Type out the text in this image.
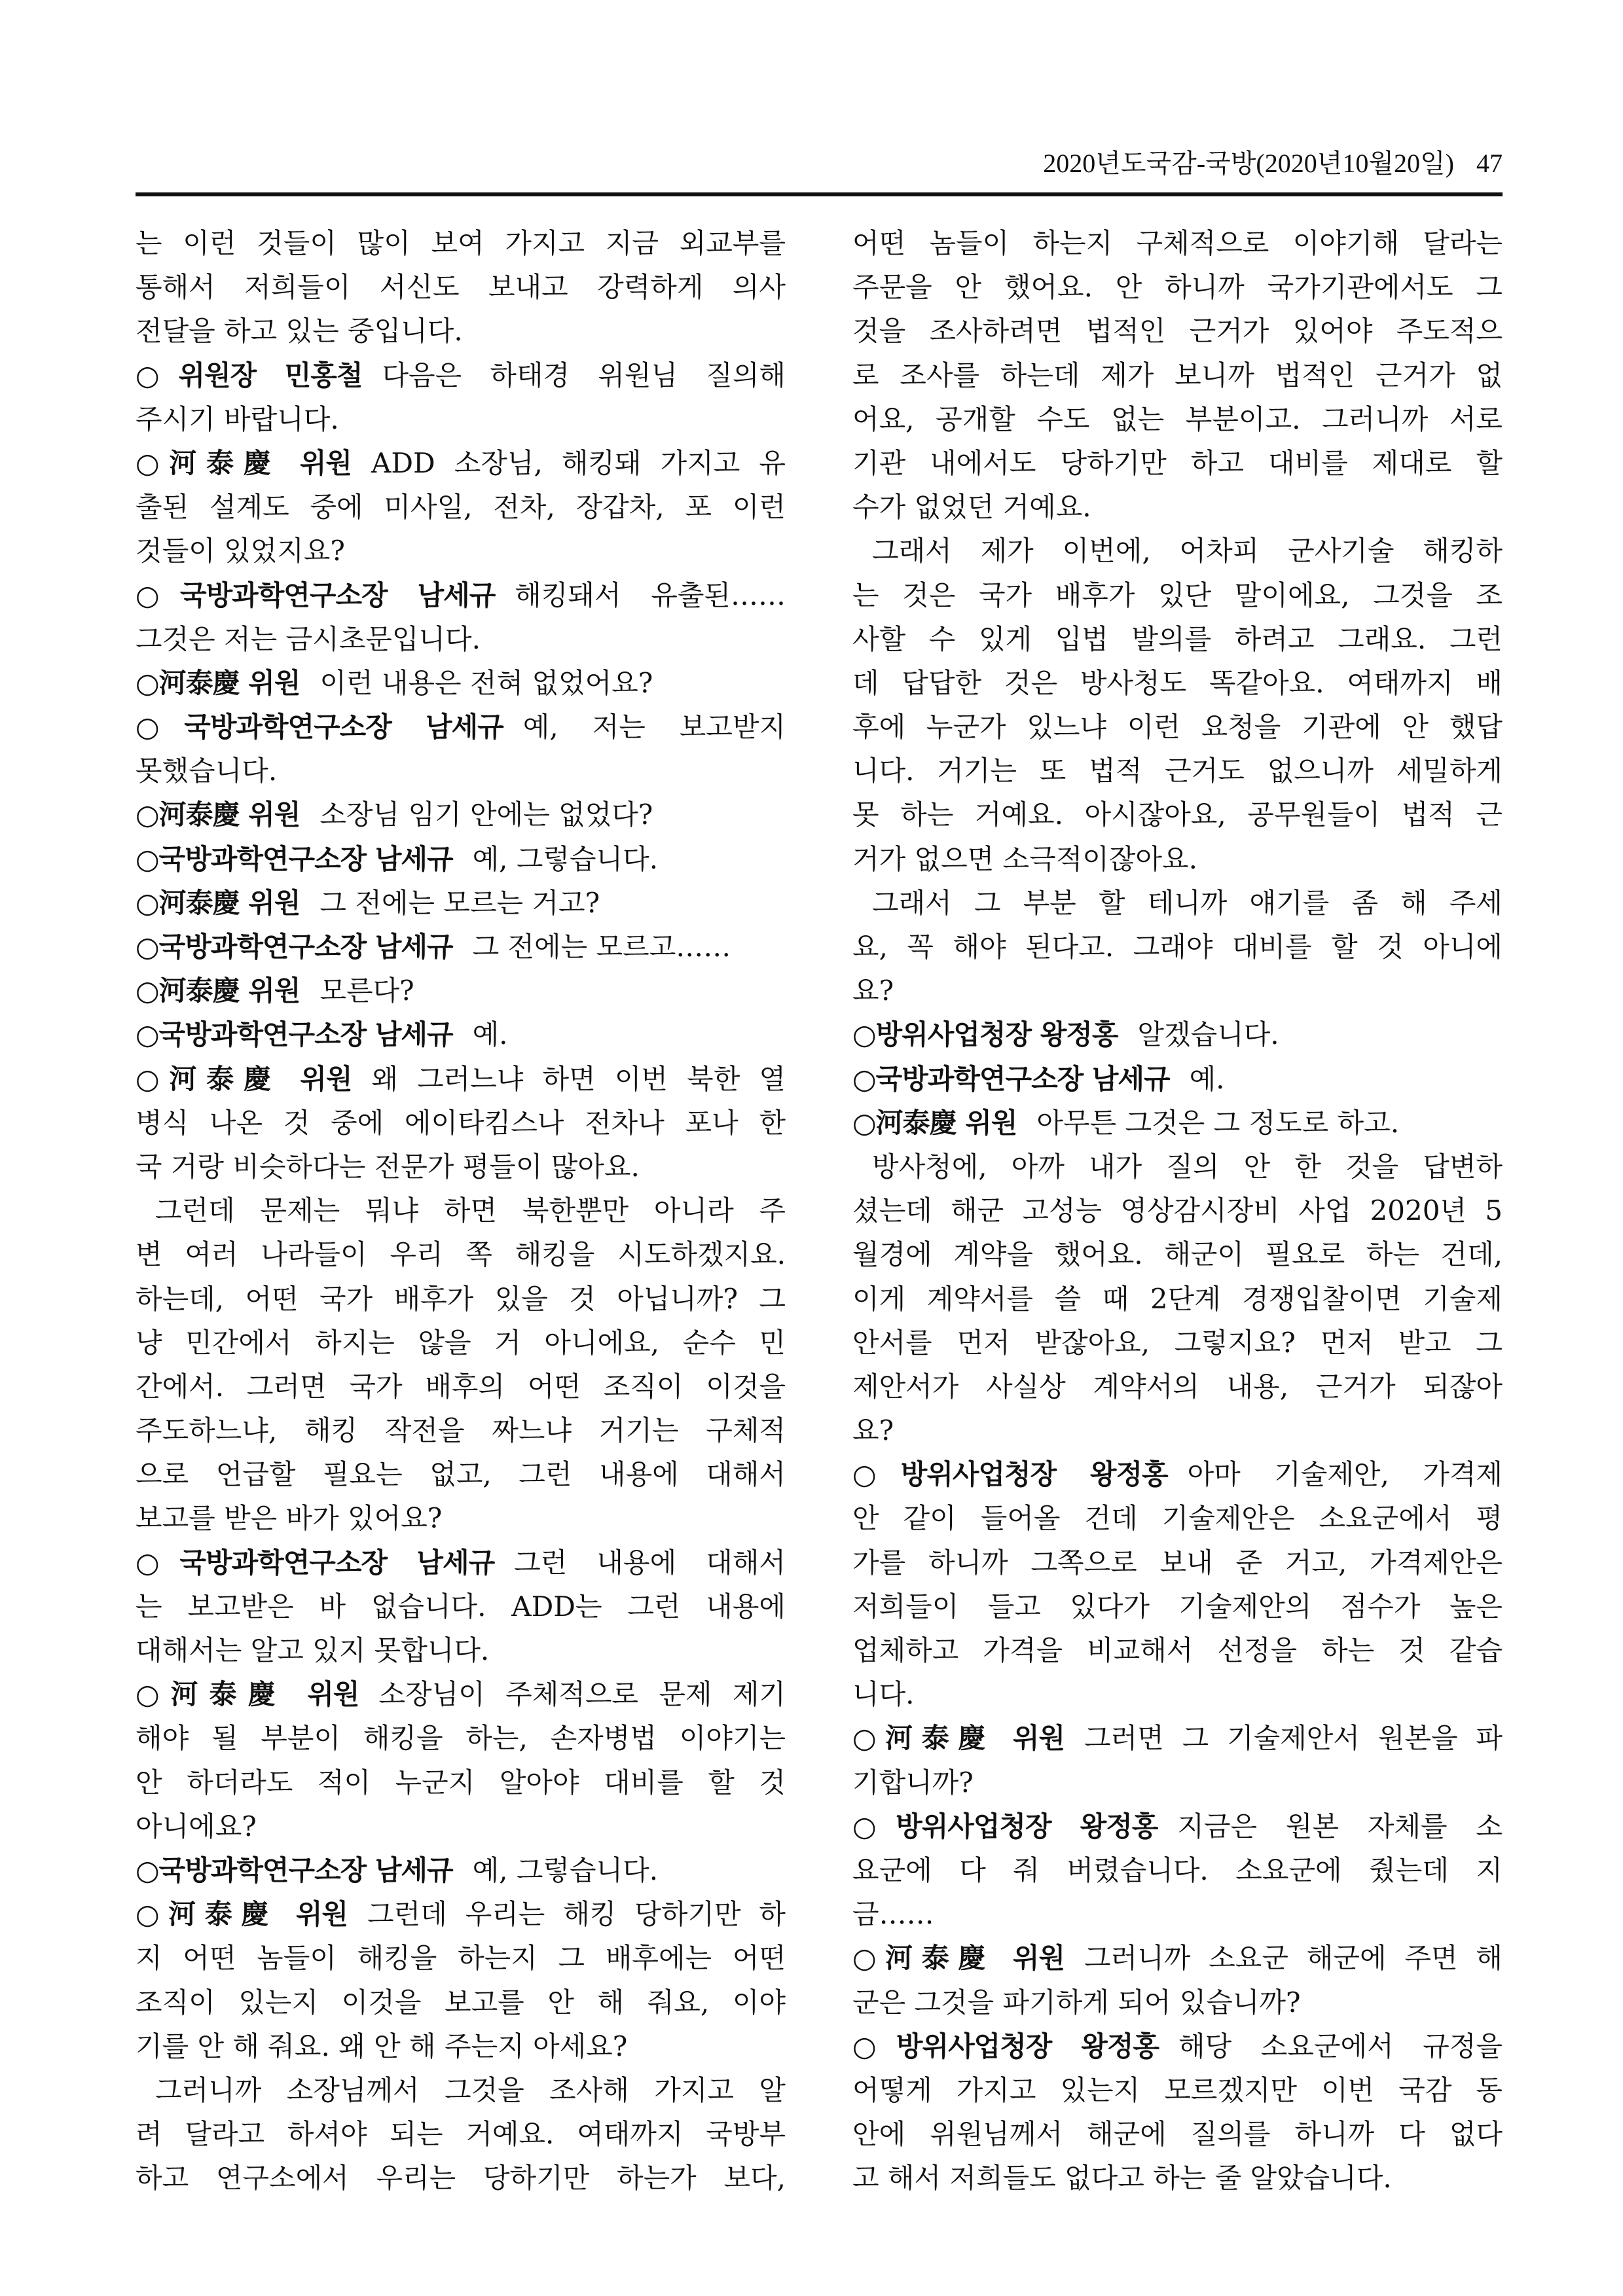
2020년도국감-국방(2020년10월20일) 47
는 이런 것들이 많이 보여 가지고 지금 외교부를
통해서 저희들이 서신도 보내고 강력하게 의사
전달을 하고 있는 중입니다.
○위원장 민홍철 다음은 하태경 위원님 질의해
주시기 바랍니다.
○河泰慶 위원 ADD 소장님, 해킹돼 가지고 유
출된 설계도 중에 미사일, 전차, 장갑차, 포 이런
것들이 있었지요?
○국방과학연구소장 남세규 해킹돼서 유출된……
그것은 저는 금시초문입니다.
○河泰慶 위원 이런 내용은 전혀 없었어요?
○국방과학연구소장 남세규 예, 저는 보고받지
못했습니다.
○河泰慶 위원 소장님 임기 안에는 없었다?
○국방과학연구소장 남세규 예, 그렇습니다.
○河泰慶 위원 그 전에는 모르는 거고?
○국방과학연구소장 남세규 그 전에는 모르고……
○河泰慶 위원 모른다?
○국방과학연구소장 남세규 예.
○河泰慶 위원 왜 그러느냐 하면 이번 북한 열
병식 나온 것 중에 에이타킴스나 전차나 포나 한
국 거랑 비슷하다는 전문가 평들이 많아요.
그런데 문제는 뭐냐 하면 북한뿐만 아니라 주
변 여러 나라들이 우리 쪽 해킹을 시도하겠지요.
하는데, 어떤 국가 배후가 있을 것 아닙니까? 그
냥 민간에서 하지는 않을 거 아니에요, 순수 민
간에서. 그러면 국가 배후의 어떤 조직이 이것을
주도하느냐, 해킹 작전을 짜느냐 거기는 구체적
으로 언급할 필요는 없고, 그런 내용에 대해서
보고를 받은 바가 있어요?
○국방과학연구소장 남세규 그런 내용에 대해서
는 보고받은 바 없습니다. ADD는 그런 내용에
대해서는 알고 있지 못합니다.
○河泰慶 위원 소장님이 주체적으로 문제 제기
해야 될 부분이 해킹을 하는, 손자병법 이야기는
안 하더라도 적이 누군지 알아야 대비를 할 것
아니에요?
○국방과학연구소장 남세규 예, 그렇습니다.
○河泰慶 위원 그런데 우리는 해킹 당하기만 하
지 어떤 놈들이 해킹을 하는지 그 배후에는 어떤
조직이 있는지 이것을 보고를 안 해 줘요, 이야
기를 안 해 줘요. 왜 안 해 주는지 아세요?
그러니까 소장님께서 그것을 조사해 가지고 알
려 달라고 하셔야 되는 거예요. 여태까지 국방부
하고 연구소에서 우리는 당하기만 하는가 보다,
어떤 놈들이 하는지 구체적으로 이야기해 달라는
주문을 안 했어요. 안 하니까 국가기관에서도 그
것을 조사하려면 법적인 근거가 있어야 주도적으
로 조사를 하는데 제가 보니까 법적인 근거가 없
어요, 공개할 수도 없는 부분이고. 그러니까 서로
기관 내에서도 당하기만 하고 대비를 제대로 할
수가 없었던 거예요.
그래서 제가 이번에, 어차피 군사기술 해킹하
는 것은 국가 배후가 있단 말이에요, 그것을 조
사할 수 있게 입법 발의를 하려고 그래요. 그런
데 답답한 것은 방사청도 똑같아요. 여태까지 배
후에 누군가 있느냐 이런 요청을 기관에 안 했답
니다. 거기는 또 법적 근거도 없으니까 세밀하게
못 하는 거예요. 아시잖아요, 공무원들이 법적 근
거가 없으면 소극적이잖아요.
그래서 그 부분 할 테니까 얘기를 좀 해 주세
요, 꼭 해야 된다고. 그래야 대비를 할 것 아니에
요?
○방위사업청장 왕정홍 알겠습니다.
○국방과학연구소장 남세규 예.
○河泰慶 위원 아무튼 그것은 그 정도로 하고.
방사청에, 아까 내가 질의 안 한 것을 답변하
셨는데 해군 고성능 영상감시장비 사업 2020년 5
월경에 계약을 했어요. 해군이 필요로 하는 건데,
이게 계약서를 쓸 때 2단계 경쟁입찰이면 기술제
안서를 먼저 받잖아요, 그렇지요? 먼저 받고 그
제안서가 사실상 계약서의 내용, 근거가 되잖아
요?
○방위사업청장 왕정홍 아마 기술제안, 가격제
안 같이 들어올 건데 기술제안은 소요군에서 평
가를 하니까 그쪽으로 보내 준 거고, 가격제안은
저희들이 들고 있다가 기술제안의 점수가 높은
업체하고 가격을 비교해서 선정을 하는 것 같습
니다.
○河泰慶 위원 그러면 그 기술제안서 원본을 파
기합니까?
○방위사업청장 왕정홍 지금은 원본 자체를 소
요군에 다 줘 버렸습니다. 소요군에 줬는데 지
금……
○河泰慶 위원 그러니까 소요군 해군에 주면 해
군은 그것을 파기하게 되어 있습니까?
○방위사업청장 왕정홍 해당 소요군에서 규정을
어떻게 가지고 있는지 모르겠지만 이번 국감 동
안에 위원님께서 해군에 질의를 하니까 다 없다
고 해서 저희들도 없다고 하는 줄 알았습니다.
